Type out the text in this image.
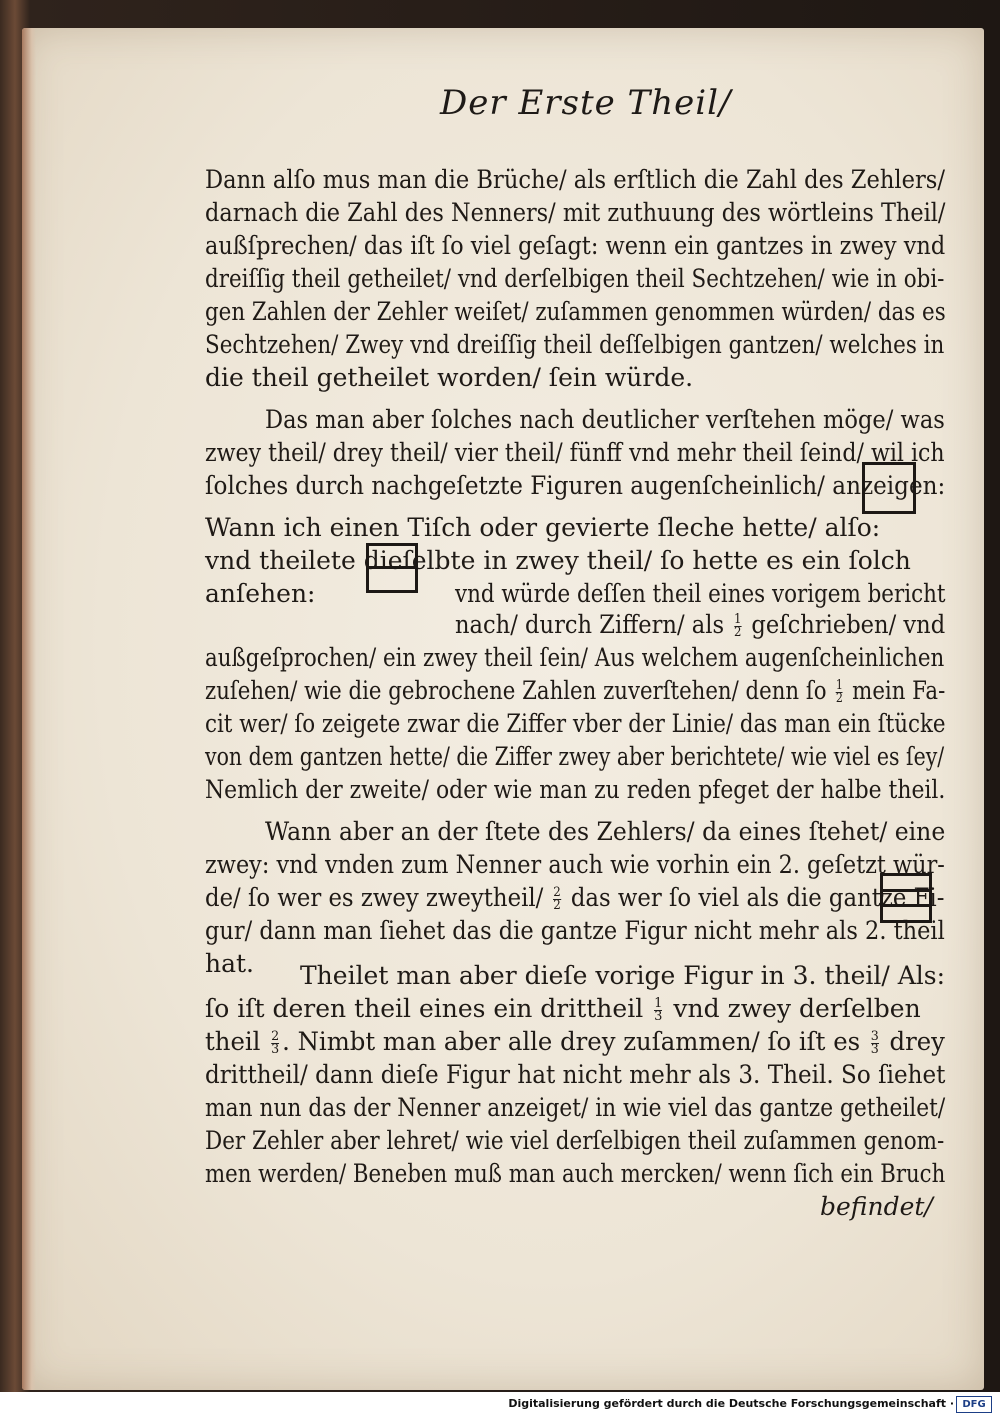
Der Erste Theil/
Dann alſo mus man die Brüche/ als erſtlich die Zahl des Zehlers/
darnach die Zahl des Nenners/ mit zuthuung des wörtleins Theil/
außſprechen/ das iſt ſo viel geſagt: wenn ein gantzes in zwey vnd
dreiſſig theil getheilet/ vnd derſelbigen theil Sechtzehen/ wie in obi-
gen Zahlen der Zehler weiſet/ zuſammen genommen würden/ das es
Sechtzehen/ Zwey vnd dreiſſig theil deſſelbigen gantzen/ welches in
die theil getheilet worden/ ſein würde.
Das man aber ſolches nach deutlicher verſtehen möge/ was
zwey theil/ drey theil/ vier theil/ fünff vnd mehr theil ſeind/ wil ich
ſolches durch nachgeſetzte Figuren augenſcheinlich/ anzeigen:
Wann ich einen Tiſch oder gevierte ſleche hette/ alſo:
vnd theilete dieſelbte in zwey theil/ ſo hette es ein ſolch
anſehen:	vnd würde deſſen theil eines vorigem bericht
nach/ durch Ziffern/ als $\frac{1}{2}$ geſchrieben/ vnd
außgeſprochen/ ein zwey theil ſein/ Aus welchem augenſcheinlichen
zuſehen/ wie die gebrochene Zahlen zuverſtehen/ denn ſo $\frac{1}{2}$ mein Fa-
cit wer/ ſo zeigete zwar die Ziffer vber der Linie/ das man ein ſtücke
von dem gantzen hette/ die Ziffer zwey aber berichtete/ wie viel es ſey/
Nemlich der zweite/ oder wie man zu reden pfeget der halbe theil.
Wann aber an der ſtete des Zehlers/ da eines ſtehet/ eine
zwey: vnd vnden zum Nenner auch wie vorhin ein 2. geſetzt wür-
de/ ſo wer es zwey zweytheil/ $\frac{2}{2}$ das wer ſo viel als die gantze Fi-
gur/ dann man ſiehet das die gantze Figur nicht mehr als 2. theil
hat. Theilet man aber dieſe vorige Figur in 3. theil/ Als:
ſo iſt deren theil eines ein drittheil $\frac{1}{3}$ vnd zwey derſelben
theil $\frac{2}{3}$ . Nimbt man aber alle drey zuſammen/ ſo iſt es $\frac{3}{3}$ drey
drittheil/ dann dieſe Figur hat nicht mehr als 3. Theil. So ſiehet
man nun das der Nenner anzeiget/ in wie viel das gantze getheilet/
Der Zehler aber lehret/ wie viel derſelbigen theil zuſammen genom-
men werden/ Beneben muß man auch mercken/ wenn ſich ein Bruch
befindet/
Digitalisierung gefördert durch die Deutsche Forschungsgemeinschaft · DFG
